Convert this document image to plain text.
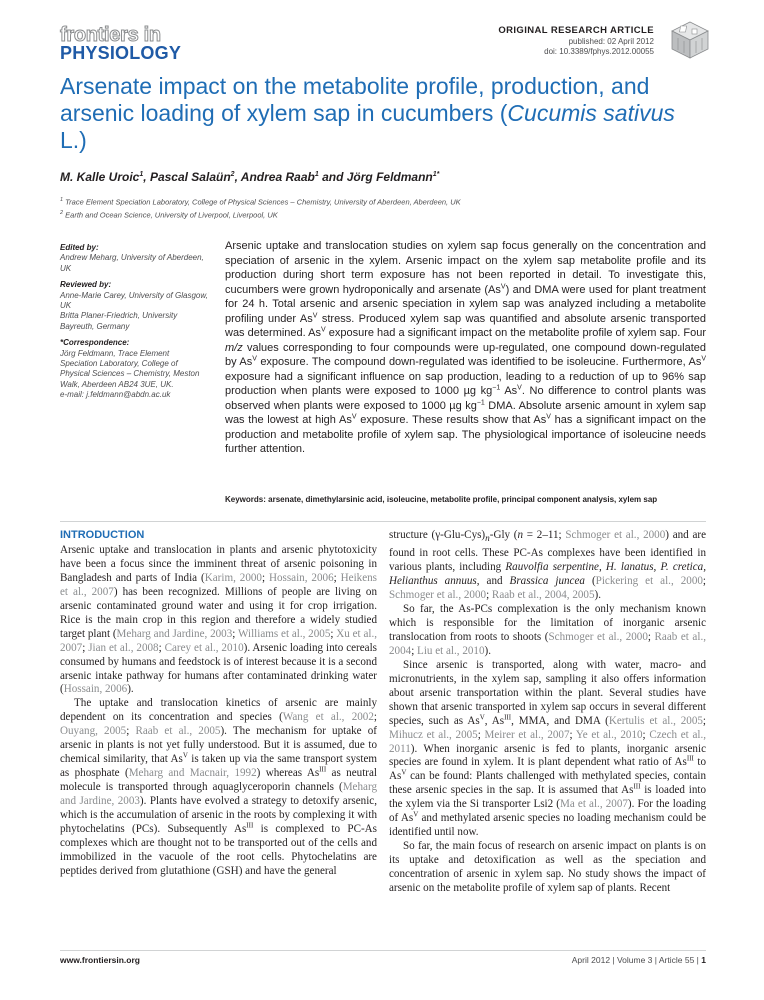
frontiers in
PHYSIOLOGY
ORIGINAL RESEARCH ARTICLE
published: 02 April 2012
doi: 10.3389/fphys.2012.00055
Arsenate impact on the metabolite profile, production, and arsenic loading of xylem sap in cucumbers (Cucumis sativus L.)
M. Kalle Uroic$^1$, Pascal Salaün$^2$, Andrea Raab$^1$ and Jörg Feldmann$^{1*}$
$^1$ Trace Element Speciation Laboratory, College of Physical Sciences – Chemistry, University of Aberdeen, Aberdeen, UK
$^2$ Earth and Ocean Science, University of Liverpool, Liverpool, UK
Edited by:
Andrew Meharg, University of Aberdeen, UK
Reviewed by:
Anne-Marie Carey, University of Glasgow, UK
Britta Planer-Friedrich, University Bayreuth, Germany
*Correspondence:
Jörg Feldmann, Trace Element Speciation Laboratory, College of Physical Sciences – Chemistry, Meston Walk, Aberdeen AB24 3UE, UK.
e-mail: j.feldmann@abdn.ac.uk
Arsenic uptake and translocation studies on xylem sap focus generally on the concentration and speciation of arsenic in the xylem. Arsenic impact on the xylem sap metabolite profile and its production during short term exposure has not been reported in detail. To investigate this, cucumbers were grown hydroponically and arsenate $(As^V)$ and DMA were used for plant treatment for 24 h. Total arsenic and arsenic speciation in xylem sap was analyzed including a metabolite profiling under $As^V$ stress. Produced xylem sap was quantified and absolute arsenic transported was determined. $As^V$ exposure had a significant impact on the metabolite profile of xylem sap. Four m/z values corresponding to four compounds were up-regulated, one compound down-regulated by $As^V$ exposure. The compound down-regulated was identified to be isoleucine. Furthermore, $As^V$ exposure had a significant influence on sap production, leading to a reduction of up to 96% sap production when plants were exposed to 1000 µg $kg^{-1}$ $As^V$. No difference to control plants was observed when plants were exposed to 1000 µg $kg^{-1}$ DMA. Absolute arsenic amount in xylem sap was the lowest at high $As^V$ exposure. These results show that $As^V$ has a significant impact on the production and metabolite profile of xylem sap. The physiological importance of isoleucine needs further attention.
Keywords: arsenate, dimethylarsinic acid, isoleucine, metabolite profile, principal component analysis, xylem sap
INTRODUCTION

Arsenic uptake and translocation in plants and arsenic phytotoxicity have been a focus since the imminent threat of arsenic poisoning in Bangladesh and parts of India (Karim, 2000; Hossain, 2006; Heikens et al., 2007) has been recognized. Millions of people are living on arsenic contaminated ground water and using it for crop irrigation. Rice is the main crop in this region and therefore a widely studied target plant (Meharg and Jardine, 2003; Williams et al., 2005; Xu et al., 2007; Jian et al., 2008; Carey et al., 2010). Arsenic loading into cereals consumed by humans and feedstock is of interest because it is a second arsenic intake pathway for humans after contaminated drinking water (Hossain, 2006).

The uptake and translocation kinetics of arsenic are mainly dependent on its concentration and species (Wang et al., 2002; Ouyang, 2005; Raab et al., 2005). The mechanism for uptake of arsenic in plants is not yet fully understood. But it is assumed, due to chemical similarity, that $As^V$ is taken up via the same transport system as phosphate (Meharg and Macnair, 1992) whereas $As^{III}$ as neutral molecule is transported through aquaglyceroporin channels (Meharg and Jardine, 2003). Plants have evolved a strategy to detoxify arsenic, which is the accumulation of arsenic in the roots by complexing it with phytochelatins (PCs). Subsequently $As^{III}$ is complexed to PC-As complexes which are thought not to be transported out of the cells and immobilized in the vacuole of the root cells. Phytochelatins are peptides derived from glutathione (GSH) and have the general

structure $(\gamma-Glu-Cys)_n$-Gly (n = 2–11; Schmoger et al., 2000) and are found in root cells. These PC-As complexes have been identified in various plants, including Rauvolfia serpentine, H. lanatus, P. cretica, Helianthus annuus, and Brassica juncea (Pickering et al., 2000; Schmoger et al., 2000; Raab et al., 2004, 2005).

So far, the As-PCs complexation is the only mechanism known which is responsible for the limitation of inorganic arsenic translocation from roots to shoots (Schmoger et al., 2000; Raab et al., 2004; Liu et al., 2010).

Since arsenic is transported, along with water, macro- and micronutrients, in the xylem sap, sampling it also offers information about arsenic transportation within the plant. Several studies have shown that arsenic transported in xylem sap occurs in several different species, such as $As^V$, $As^{III}$, MMA, and DMA (Kertulis et al., 2005; Mihucz et al., 2005; Meirer et al., 2007; Ye et al., 2010; Czech et al., 2011). When inorganic arsenic is fed to plants, inorganic arsenic species are found in xylem. It is plant dependent what ratio of $As^{III}$ to $As^V$ can be found: Plants challenged with methylated species, contain these arsenic species in the sap. It is assumed that $As^{III}$ is loaded into the xylem via the Si transporter Lsi2 (Ma et al., 2007). For the loading of $As^V$ and methylated arsenic species no loading mechanism could be identified until now.

So far, the main focus of research on arsenic impact on plants is on its uptake and detoxification as well as the speciation and concentration of arsenic in xylem sap. No study shows the impact of arsenic on the metabolite profile of xylem sap of plants. Recent

www.frontiersin.org	April 2012 | Volume 3 | Article 55 | 1
